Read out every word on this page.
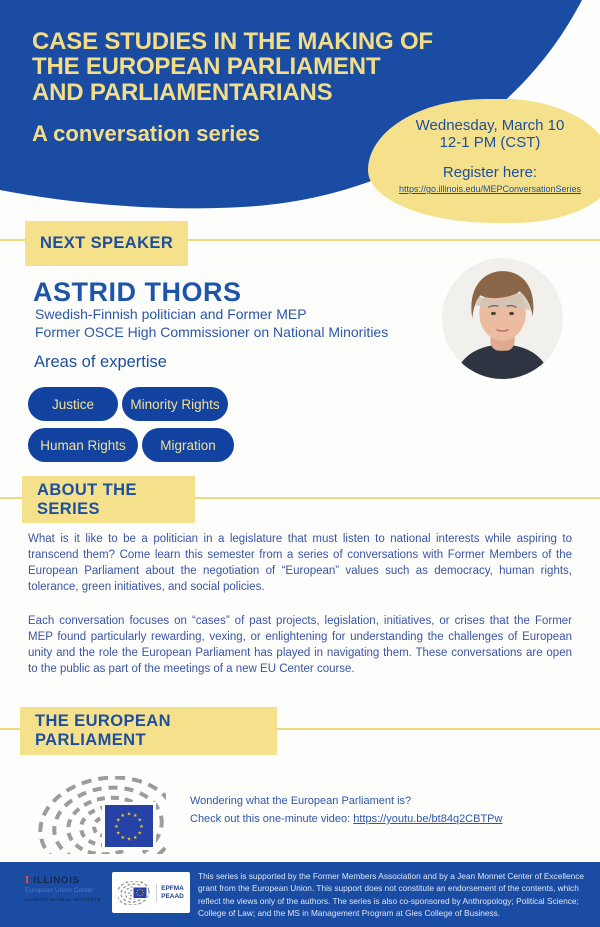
CASE STUDIES IN THE MAKING OF
THE EUROPEAN PARLIAMENT
AND PARLIAMENTARIANS
A conversation series	Wednesday, March 10
12-1 PM (CST)
Register here:
https://go.illinois.edu/MEPConversationSeries
NEXT SPEAKER
ASTRID THORS
Swedish-Finnish politician and Former MEP
Former OSCE High Commissioner on National Minorities
Areas of expertise
Justice	Minority Rights
Human Rights	Migration
ABOUT THE SERIES

What is it like to be a politician in a legislature that must listen to national interests while aspiring to transcend them? Come learn this semester from a series of conversations with Former Members of the European Parliament about the negotiation of “European” values such as democracy, human rights, tolerance, green initiatives, and social policies.

Each conversation focuses on “cases” of past projects, legislation, initiatives, or crises that the Former MEP found particularly rewarding, vexing, or enlightening for understanding the challenges of European unity and the role the European Parliament has played in navigating them. These conversations are open to the public as part of the meetings of a new EU Center course.

THE EUROPEAN PARLIAMENT
★ ★
★
★
★
★
★
★
★
★
★
★
Wondering what the European Parliament is?
Check out this one-minute video: https://youtu.be/bt84q2CBTPw
I ILLINOIS
European Union Center
ILLINOIS GLOBAL INSTITUTE
EPFMA
PEAAD

This series is supported by the Former Members Association and by a Jean Monnet Center of Excellence grant from the European Union. This support does not constitute an endorsement of the contents, which reflect the views only of the authors. The series is also co-sponsored by Anthropology; Political Science; College of Law; and the MS in Management Program at Gies College of Business.
